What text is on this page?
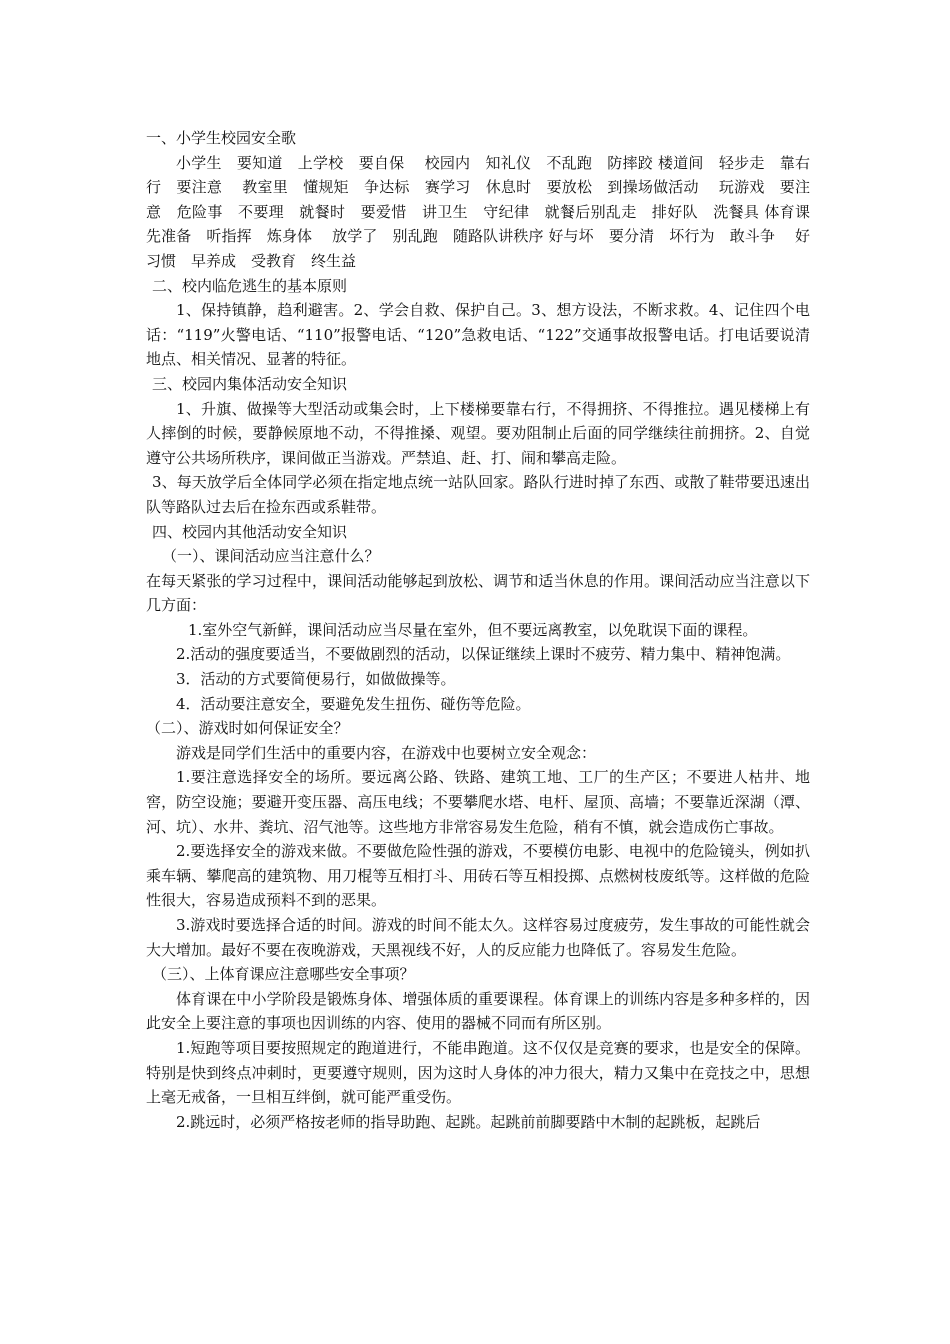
一、小学生校园安全歌

小学生　要知道　上学校　要自保　 校园内　知礼仪　不乱跑　防摔跤 楼道间　轻步走　靠右行　要注意　 教室里　懂规矩　争达标　赛学习　休息时　要放松　到操场做活动　 玩游戏　要注意　危险事　不要理　就餐时　要爱惜　讲卫生　守纪律　就餐后别乱走　排好队　洗餐具 体育课　先准备　听指挥　炼身体　 放学了　别乱跑　随路队讲秩序 好与坏　要分清　坏行为　敢斗争　 好习惯　早养成　受教育　终生益

二、校内临危逃生的基本原则

1、保持镇静，趋利避害。2、学会自救、保护自己。3、想方设法，不断求救。4、记住四个电话：“119”火警电话、“110”报警电话、“120”急救电话、“122”交通事故报警电话。打电话要说清地点、相关情况、显著的特征。

三、校园内集体活动安全知识

1、升旗、做操等大型活动或集会时，上下楼梯要靠右行，不得拥挤、不得推拉。遇见楼梯上有人摔倒的时候，要静候原地不动，不得推搡、观望。要劝阻制止后面的同学继续往前拥挤。2、自觉遵守公共场所秩序，课间做正当游戏。严禁追、赶、打、闹和攀高走险。

3、每天放学后全体同学必须在指定地点统一站队回家。路队行进时掉了东西、或散了鞋带要迅速出队等路队过去后在捡东西或系鞋带。

四、校园内其他活动安全知识

（一）、课间活动应当注意什么？

在每天紧张的学习过程中，课间活动能够起到放松、调节和适当休息的作用。课间活动应当注意以下几方面：

1.室外空气新鲜，课间活动应当尽量在室外，但不要远离教室，以免耽误下面的课程。

2.活动的强度要适当，不要做剧烈的活动，以保证继续上课时不疲劳、精力集中、精神饱满。

3．活动的方式要简便易行，如做做操等。

4．活动要注意安全，要避免发生扭伤、碰伤等危险。

（二）、游戏时如何保证安全？

游戏是同学们生活中的重要内容，在游戏中也要树立安全观念：

1.要注意选择安全的场所。要远离公路、铁路、建筑工地、工厂的生产区；不要进人枯井、地窖，防空设施；要避开变压器、高压电线；不要攀爬水塔、电杆、屋顶、高墙；不要靠近深湖（潭、河、坑）、水井、粪坑、沼气池等。这些地方非常容易发生危险，稍有不慎，就会造成伤亡事故。

2.要选择安全的游戏来做。不要做危险性强的游戏，不要模仿电影、电视中的危险镜头，例如扒乘车辆、攀爬高的建筑物、用刀棍等互相打斗、用砖石等互相投掷、点燃树枝废纸等。这样做的危险性很大，容易造成预料不到的恶果。

3.游戏时要选择合适的时间。游戏的时间不能太久。这样容易过度疲劳，发生事故的可能性就会大大增加。最好不要在夜晚游戏，天黑视线不好，人的反应能力也降低了。容易发生危险。

（三）、上体育课应注意哪些安全事项？

体育课在中小学阶段是锻炼身体、增强体质的重要课程。体育课上的训练内容是多种多样的，因此安全上要注意的事项也因训练的内容、使用的器械不同而有所区别。

1.短跑等项目要按照规定的跑道进行，不能串跑道。这不仅仅是竞赛的要求，也是安全的保障。特别是快到终点冲刺时，更要遵守规则，因为这时人身体的冲力很大，精力又集中在竞技之中，思想上毫无戒备，一旦相互绊倒，就可能严重受伤。

2.跳远时，必须严格按老师的指导助跑、起跳。起跳前前脚要踏中木制的起跳板，起跳后
